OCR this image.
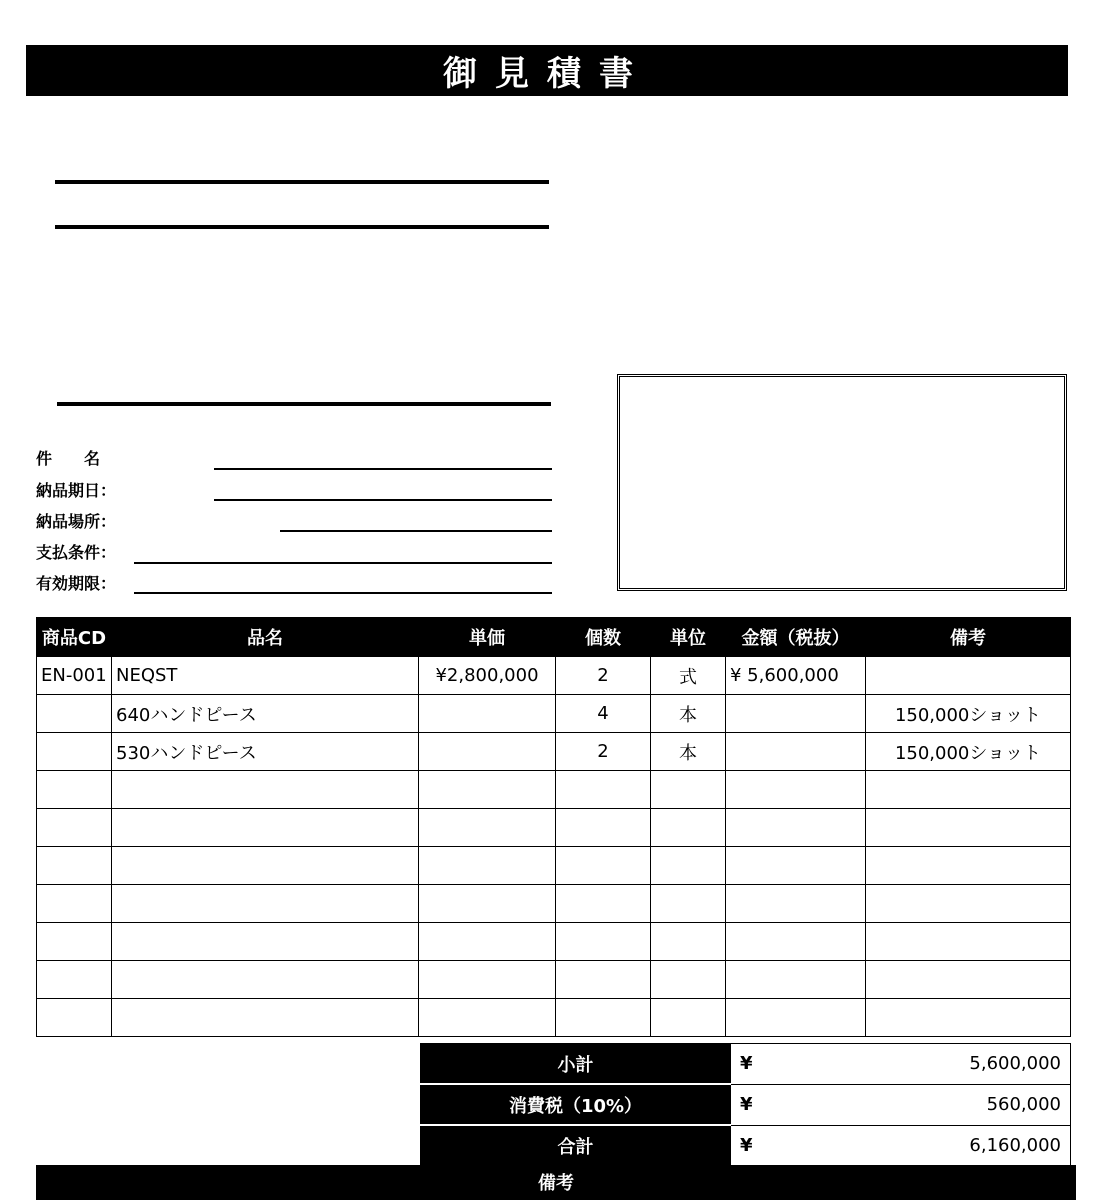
御見積書
件　　名
納品期日：
納品場所：
支払条件：
有効期限：
商品CD	品名	単価	個数	単位	金額（税抜）	備考
EN-001	NEQST	¥2,800,000	2	式	¥ 5,600,000	
	640ハンドピース		4	本		150,000ショット
	530ハンドピース		2	本		150,000ショット

小計	¥ 5,600,000

消費税（10%）	¥ 560,000

合計	¥ 6,160,000
備考
